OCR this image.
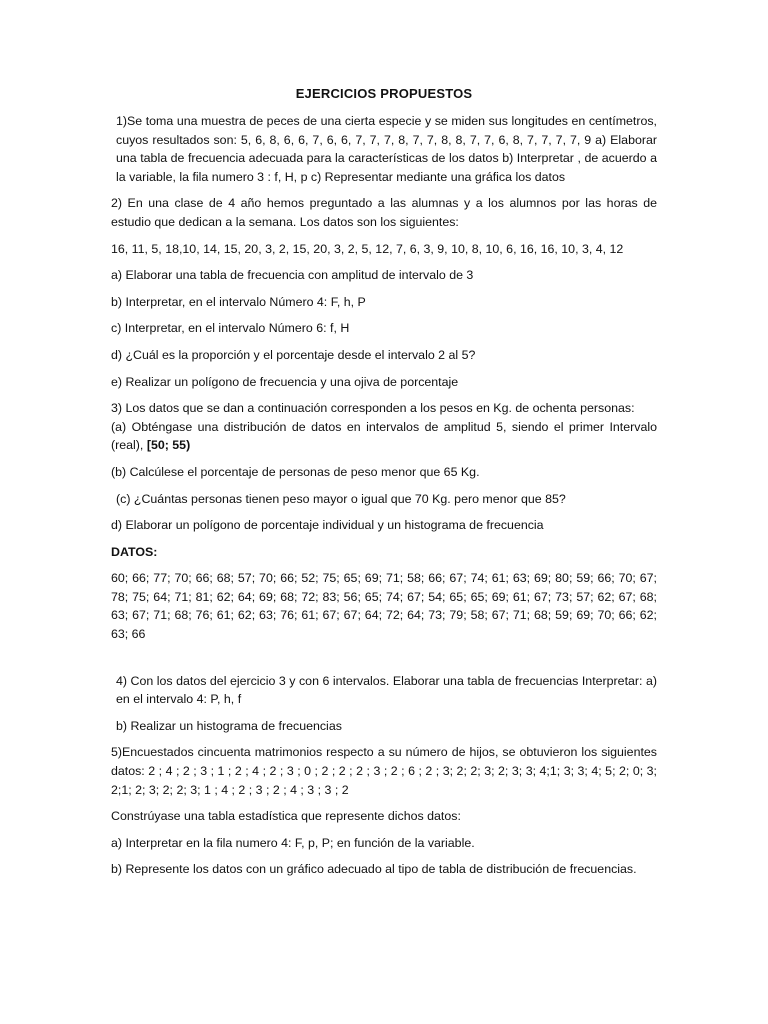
EJERCICIOS PROPUESTOS

1)Se toma una muestra de peces de una cierta especie y se miden sus longitudes en centímetros, cuyos resultados son: 5, 6, 8, 6, 6, 7, 6, 6, 7, 7, 7, 8, 7, 7, 8, 8, 7, 7, 6, 8, 7, 7, 7, 7, 9 a) Elaborar una tabla de frecuencia adecuada para la características de los datos b) Interpretar , de acuerdo a la variable, la fila numero 3 : f, H, p c) Representar mediante una gráfica los datos

2) En una clase de 4 año hemos preguntado a las alumnas y a los alumnos por las horas de estudio que dedican a la semana. Los datos son los siguientes:

16, 11, 5, 18,10, 14, 15, 20, 3, 2, 15, 20, 3, 2, 5, 12, 7, 6, 3, 9, 10, 8, 10, 6, 16, 16, 10, 3, 4, 12

a) Elaborar una tabla de frecuencia con amplitud de intervalo de 3

b) Interpretar, en el intervalo Número 4: F, h, P

c) Interpretar, en el intervalo Número 6: f, H

d) ¿Cuál es la proporción y el porcentaje desde el intervalo 2 al 5?

e) Realizar un polígono de frecuencia y una ojiva de porcentaje

3) Los datos que se dan a continuación corresponden a los pesos en Kg. de ochenta personas:
(a) Obténgase una distribución de datos en intervalos de amplitud 5, siendo el primer Intervalo (real), [50; 55)

(b) Calcúlese el porcentaje de personas de peso menor que 65 Kg.

(c) ¿Cuántas personas tienen peso mayor o igual que 70 Kg. pero menor que 85?

d) Elaborar un polígono de porcentaje individual y un histograma de frecuencia

DATOS:

60; 66; 77; 70; 66; 68; 57; 70; 66; 52; 75; 65; 69; 71; 58; 66; 67; 74; 61; 63; 69; 80; 59; 66; 70; 67; 78; 75; 64; 71; 81; 62; 64; 69; 68; 72; 83; 56; 65; 74; 67; 54; 65; 65; 69; 61; 67; 73; 57; 62; 67; 68; 63; 67; 71; 68; 76; 61; 62; 63; 76; 61; 67; 67; 64; 72; 64; 73; 79; 58; 67; 71; 68; 59; 69; 70; 66; 62; 63; 66

4) Con los datos del ejercicio 3 y con 6 intervalos. Elaborar una tabla de frecuencias Interpretar: a) en el intervalo 4: P, h, f

b) Realizar un histograma de frecuencias

5)Encuestados cincuenta matrimonios respecto a su número de hijos, se obtuvieron los siguientes datos: 2 ; 4 ; 2 ; 3 ; 1 ; 2 ; 4 ; 2 ; 3 ; 0 ; 2 ; 2 ; 2 ; 3 ; 2 ; 6 ; 2 ; 3; 2; 2; 3; 2; 3; 3; 4;1; 3; 3; 4; 5; 2; 0; 3; 2;1; 2; 3; 2; 2; 3; 1 ; 4 ; 2 ; 3 ; 2 ; 4 ; 3 ; 3 ; 2

Constrúyase una tabla estadística que represente dichos datos:

a) Interpretar en la fila numero 4: F, p, P; en función de la variable.

b) Represente los datos con un gráfico adecuado al tipo de tabla de distribución de frecuencias.
